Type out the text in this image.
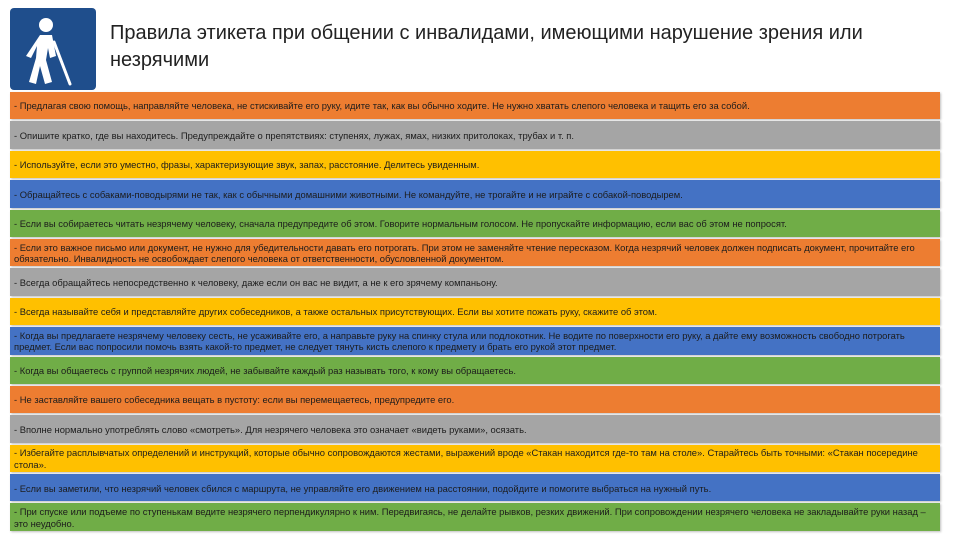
Правила этикета при общении с инвалидами, имеющими нарушение зрения или незрячими
- Предлагая свою помощь, направляйте человека, не стискивайте его руку, идите так, как вы обычно ходите. Не нужно хватать слепого человека и тащить его за собой.
- Опишите кратко, где вы находитесь. Предупреждайте о препятствиях: ступенях, лужах, ямах, низких притолоках, трубах и т. п.
- Используйте, если это уместно, фразы, характеризующие звук, запах, расстояние. Делитесь увиденным.
- Обращайтесь с собаками-поводырями не так, как с обычными домашними животными. Не командуйте, не трогайте и не играйте с собакой-поводырем.
- Если вы собираетесь читать незрячему человеку, сначала предупредите об этом. Говорите нормальным голосом. Не пропускайте информацию, если вас об этом не попросят.
- Если это важное письмо или документ, не нужно для убедительности давать его потрогать. При этом не заменяйте чтение пересказом. Когда незрячий человек должен подписать документ, прочитайте его обязательно. Инвалидность не освобождает слепого человека от ответственности, обусловленной документом.
- Всегда обращайтесь непосредственно к человеку, даже если он вас не видит, а не к его зрячему компаньону.
- Всегда называйте себя и представляйте других собеседников, а также остальных присутствующих. Если вы хотите пожать руку, скажите об этом.
- Когда вы предлагаете незрячему человеку сесть, не усаживайте его, а направьте руку на спинку стула или подлокотник. Не водите по поверхности его руку, а дайте ему возможность свободно потрогать предмет. Если вас попросили помочь взять какой-то предмет, не следует тянуть кисть слепого к предмету и брать его рукой этот предмет.
- Когда вы общаетесь с группой незрячих людей, не забывайте каждый раз называть того, к кому вы обращаетесь.
- Не заставляйте вашего собеседника вещать в пустоту: если вы перемещаетесь, предупредите его.
- Вполне нормально употреблять слово «смотреть». Для незрячего человека это означает «видеть руками», осязать.
- Избегайте расплывчатых определений и инструкций, которые обычно сопровождаются жестами, выражений вроде «Стакан находится где-то там на столе». Старайтесь быть точными: «Стакан посередине стола».
- Если вы заметили, что незрячий человек сбился с маршрута, не управляйте его движением на расстоянии, подойдите и помогите выбраться на нужный путь.
- При спуске или подъеме по ступенькам ведите незрячего перпендикулярно к ним. Передвигаясь, не делайте рывков, резких движений. При сопровождении незрячего человека не закладывайте руки назад – это неудобно.
